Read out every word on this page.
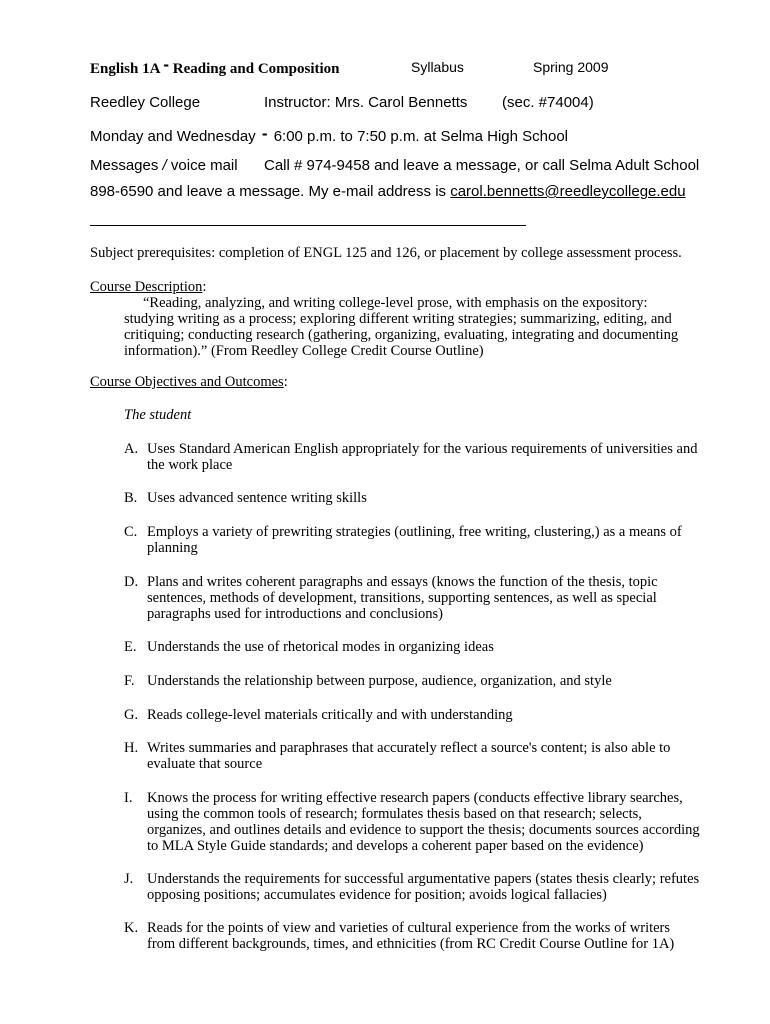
English 1A - Reading and Composition	Syllabus	Spring 2009
Reedley College	Instructor: Mrs. Carol Bennetts (sec. #74004)
Monday and Wednesday - 6:00 p.m. to 7:50 p.m. at Selma High School
Messages / voice mail Call # 974-9458 and leave a message, or call Selma Adult School
898-6590 and leave a message. My e-mail address is carol.bennetts@reedleycollege.edu
Subject prerequisites: completion of ENGL 125 and 126, or placement by college assessment process.
Course Description:
“Reading, analyzing, and writing college-level prose, with emphasis on the expository:
studying writing as a process; exploring different writing strategies; summarizing, editing, and
critiquing; conducting research (gathering, organizing, evaluating, integrating and documenting
information).” (From Reedley College Credit Course Outline)
Course Objectives and Outcomes:
The student
A. Uses Standard American English appropriately for the various requirements of universities and
the work place
B. Uses advanced sentence writing skills
C. Employs a variety of prewriting strategies (outlining, free writing, clustering,) as a means of
planning
D. Plans and writes coherent paragraphs and essays (knows the function of the thesis, topic
sentences, methods of development, transitions, supporting sentences, as well as special
paragraphs used for introductions and conclusions)
E. Understands the use of rhetorical modes in organizing ideas
F. Understands the relationship between purpose, audience, organization, and style
G. Reads college-level materials critically and with understanding
H. Writes summaries and paraphrases that accurately reflect a source's content; is also able to
evaluate that source
I.	Knows the process for writing effective research papers (conducts effective library searches,
using the common tools of research; formulates thesis based on that research; selects,
organizes, and outlines details and evidence to support the thesis; documents sources according
to MLA Style Guide standards; and develops a coherent paper based on the evidence)
J. Understands the requirements for successful argumentative papers (states thesis clearly; refutes
opposing positions; accumulates evidence for position; avoids logical fallacies)
K. Reads for the points of view and varieties of cultural experience from the works of writers
from different backgrounds, times, and ethnicities (from RC Credit Course Outline for 1A)
